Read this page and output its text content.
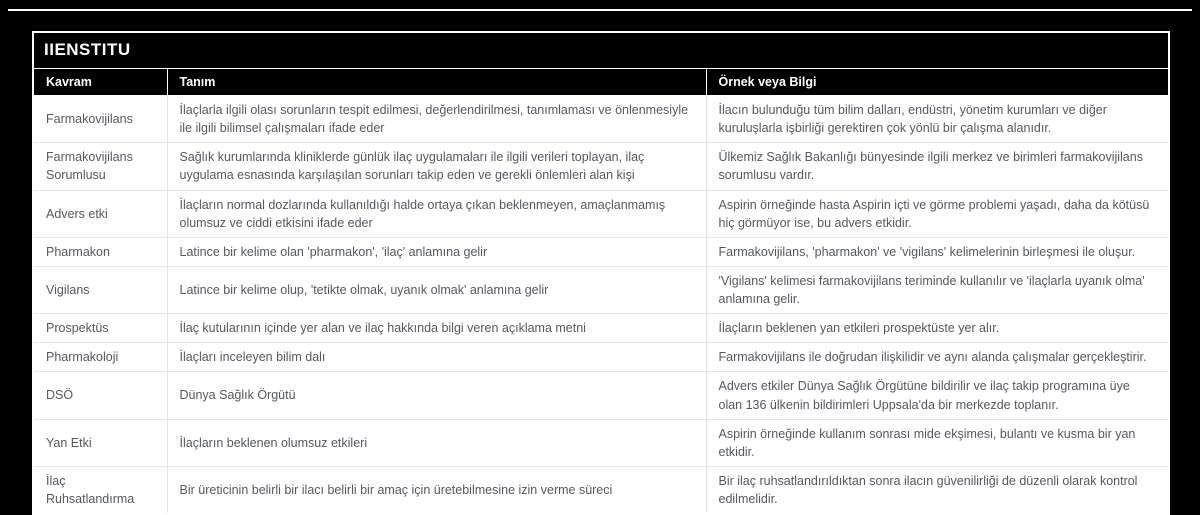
IIENSTITU		
Kavram	Tanım	Örnek veya Bilgi
Farmakovijilans	İlaçlarla ilgili olası sorunların tespit edilmesi, değerlendirilmesi, tanımlaması ve önlenmesiyle ile ilgili bilimsel çalışmaları ifade eder	İlacın bulunduğu tüm bilim dalları, endüstri, yönetim kurumları ve diğer kuruluşlarla işbirliği gerektiren çok yönlü bir çalışma alanıdır.
Farmakovijilans Sorumlusu	Sağlık kurumlarında kliniklerde günlük ilaç uygulamaları ile ilgili verileri toplayan, ilaç uygulama esnasında karşılaşılan sorunları takip eden ve gerekli önlemleri alan kişi	Ülkemiz Sağlık Bakanlığı bünyesinde ilgili merkez ve birimleri farmakovijilans sorumlusu vardır.
Advers etki	İlaçların normal dozlarında kullanıldığı halde ortaya çıkan beklenmeyen, amaçlanmamış olumsuz ve ciddi etkisini ifade eder	Aspirin örneğinde hasta Aspirin içti ve görme problemi yaşadı, daha da kötüsü hiç görmüyor ise, bu advers etkidir.
Pharmakon	Latince bir kelime olan 'pharmakon', 'ilaç' anlamına gelir	Farmakovijilans, 'pharmakon' ve 'vigilans' kelimelerinin birleşmesi ile oluşur.
Vigilans	Latince bir kelime olup, 'tetikte olmak, uyanık olmak' anlamına gelir	'Vigilans' kelimesi farmakovijilans teriminde kullanılır ve 'ilaçlarla uyanık olma' anlamına gelir.
Prospektüs	İlaç kutularının içinde yer alan ve ilaç hakkında bilgi veren açıklama metni	İlaçların beklenen yan etkileri prospektüste yer alır.
Pharmakoloji	İlaçları inceleyen bilim dalı	Farmakovijilans ile doğrudan ilişkilidir ve aynı alanda çalışmalar gerçekleştirir.
DSÖ	Dünya Sağlık Örgütü	Advers etkiler Dünya Sağlık Örgütüne bildirilir ve ilaç takip programına üye olan 136 ülkenin bildirimleri Uppsala'da bir merkezde toplanır.
Yan Etki	İlaçların beklenen olumsuz etkileri	Aspirin örneğinde kullanım sonrası mide ekşimesi, bulantı ve kusma bir yan etkidir.
İlaç Ruhsatlandırma	Bir üreticinin belirli bir ilacı belirli bir amaç için üretebilmesine izin verme süreci	Bir ilaç ruhsatlandırıldıktan sonra ilacın güvenilirliği de düzenli olarak kontrol edilmelidir.
